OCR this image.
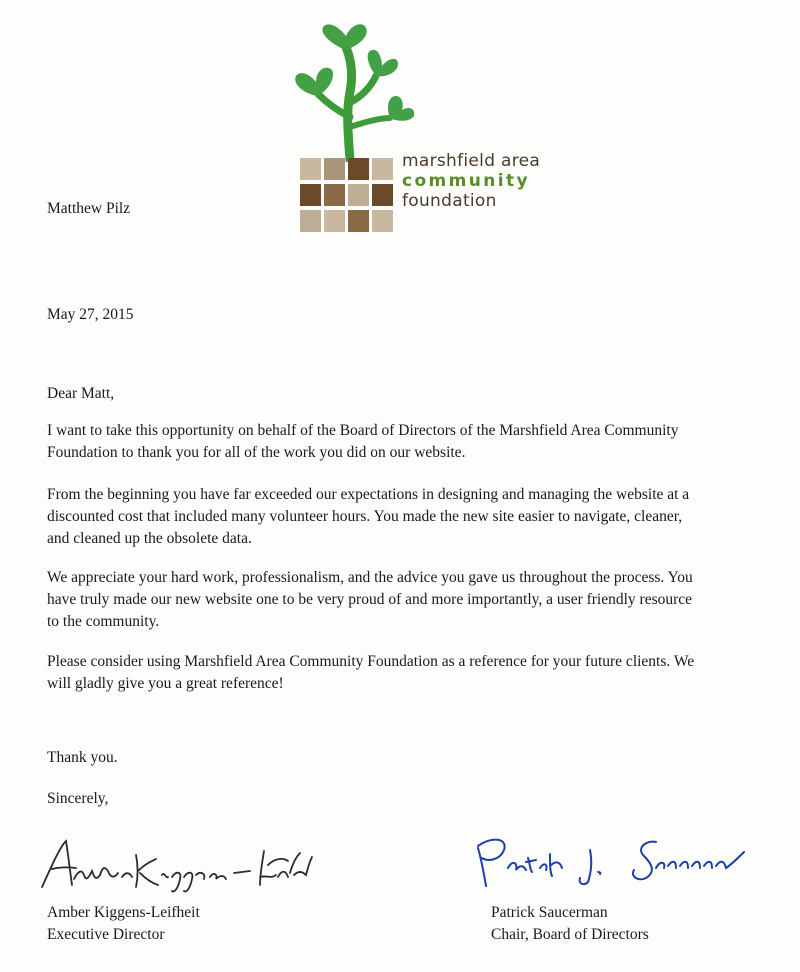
marshfield area
community
foundation
Matthew Pilz
May 27, 2015
Dear Matt,
I want to take this opportunity on behalf of the Board of Directors of the Marshfield Area Community
Foundation to thank you for all of the work you did on our website.
From the beginning you have far exceeded our expectations in designing and managing the website at a
discounted cost that included many volunteer hours. You made the new site easier to navigate, cleaner,
and cleaned up the obsolete data.
We appreciate your hard work, professionalism, and the advice you gave us throughout the process. You
have truly made our new website one to be very proud of and more importantly, a user friendly resource
to the community.
Please consider using Marshfield Area Community Foundation as a reference for your future clients. We
will gladly give you a great reference!
Thank you.
Sincerely,
Amber Kiggens-Leifheit
Executive Director
Patrick Saucerman
Chair, Board of Directors
